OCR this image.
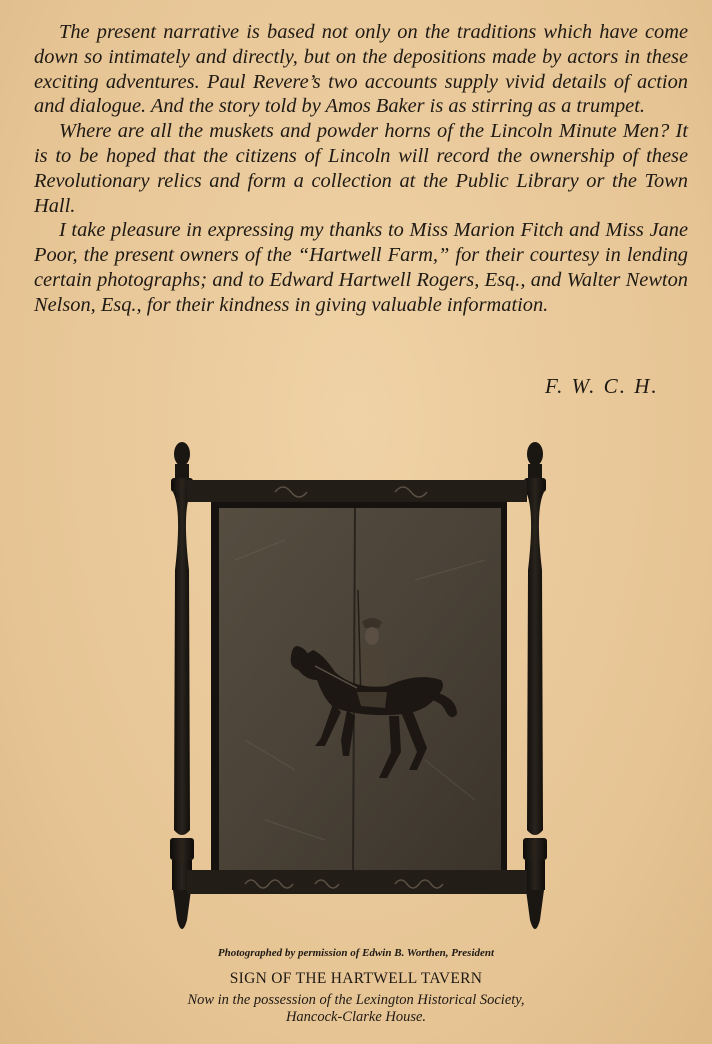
The present narrative is based not only on the traditions which have come down so intimately and directly, but on the depositions made by actors in these exciting adventures. Paul Revere’s two accounts supply vivid details of action and dialogue. And the story told by Amos Baker is as stirring as a trumpet.

Where are all the muskets and powder horns of the Lincoln Minute Men? It is to be hoped that the citizens of Lincoln will record the ownership of these Revolutionary relics and form a collection at the Public Library or the Town Hall.

I take pleasure in expressing my thanks to Miss Marion Fitch and Miss Jane Poor, the present owners of the “Hartwell Farm,” for their courtesy in lending certain photographs; and to Edward Hartwell Rogers, Esq., and Walter Newton Nelson, Esq., for their kindness in giving valuable information.

F. W. C. H.
Photographed by permission of Edwin B. Worthen, President
SIGN OF THE HARTWELL TAVERN
Now in the possession of the Lexington Historical Society, Hancock-Clarke House.
